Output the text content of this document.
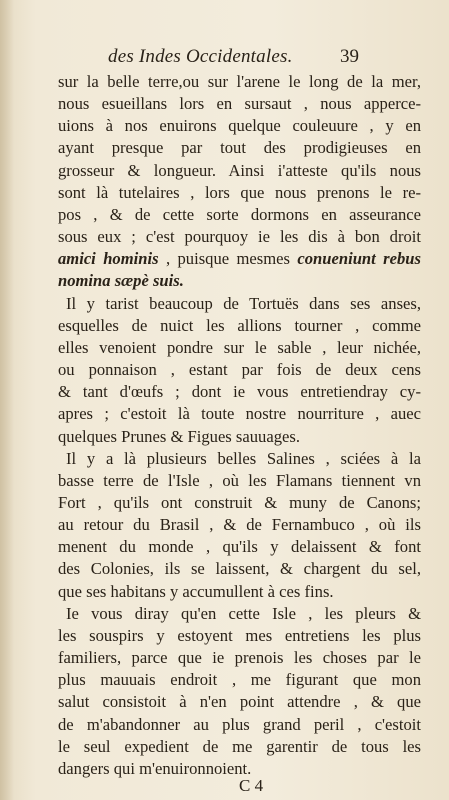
des Indes Occidentales. 39
sur la belle terre,ou sur l'arene le long de la mer,
nous esueillans lors en sursaut , nous apperce-
uions à nos enuirons quelque couleuure , y en
ayant presque par tout des prodigieuses en
grosseur & longueur. Ainsi i'atteste qu'ils nous
sont là tutelaires , lors que nous prenons le re-
pos , & de cette sorte dormons en asseurance
sous eux ; c'est pourquoy ie les dis à bon droit
amici hominis , puisque mesmes conueniunt rebus
nomina sæpè suis.
Il y tarist beaucoup de Tortuës dans ses anses,
esquelles de nuict les allions tourner , comme
elles venoient pondre sur le sable , leur nichée,
ou ponnaison , estant par fois de deux cens
& tant d'œufs ; dont ie vous entretiendray cy-
apres ; c'estoit là toute nostre nourriture , auec
quelques Prunes & Figues sauuages.
Il y a là plusieurs belles Salines , sciées à la
basse terre de l'Isle , où les Flamans tiennent vn
Fort , qu'ils ont construit & muny de Canons;
au retour du Brasil , & de Fernambuco , où ils
menent du monde , qu'ils y delaissent & font
des Colonies, ils se laissent, & chargent du sel,
que ses habitans y accumullent à ces fins.
Ie vous diray qu'en cette Isle , les pleurs &
les souspirs y estoyent mes entretiens les plus
familiers, parce que ie prenois les choses par le
plus mauuais endroit , me figurant que mon
salut consistoit à n'en point attendre , & que
de m'abandonner au plus grand peril , c'estoit
le seul expedient de me garentir de tous les
dangers qui m'enuironnoient.
C 4
